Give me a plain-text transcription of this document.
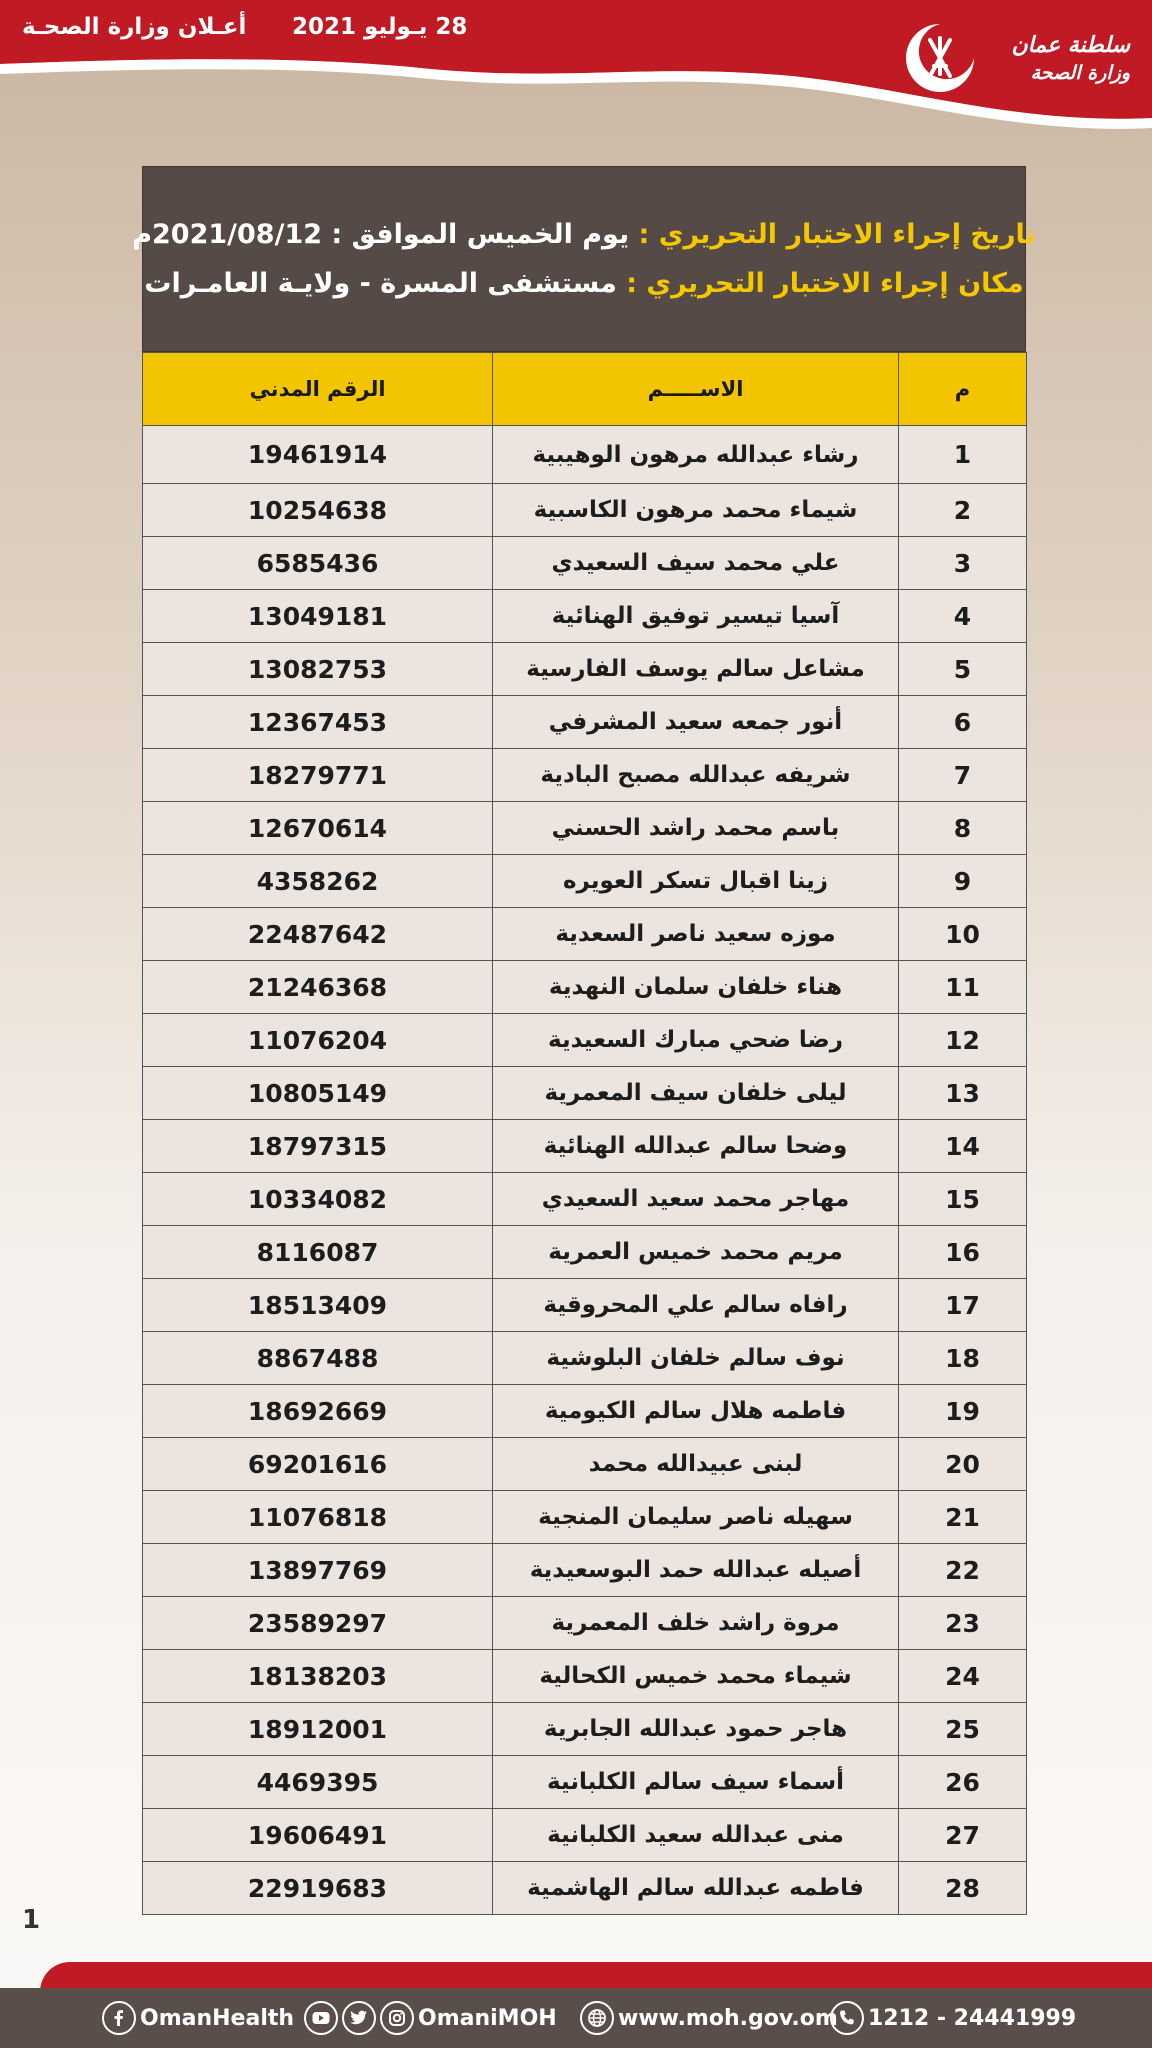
أعـلان وزارة الصحـة 28 يـوليو 2021
سلطنة عمان
وزارة الصحة
تاريخ إجراء الاختبار التحريري : يوم الخميس الموافق : 2021/08/12م
مكان إجراء الاختبار التحريري : مستشفى المسرة - ولايـة العامـرات
م	الاســـــم	الرقم المدني
1	رشاء عبدالله مرهون الوهيبية	19461914
2	شيماء محمد مرهون الكاسبية	10254638
3	علي محمد سيف السعيدي	6585436
4	آسيا تيسير توفيق الهنائية	13049181
5	مشاعل سالم يوسف الفارسية	13082753
6	أنور جمعه سعيد المشرفي	12367453
7	شريفه عبدالله مصبح البادية	18279771
8	باسم محمد راشد الحسني	12670614
9	زينا اقبال تسكر العويره	4358262
10	موزه سعيد ناصر السعدية	22487642
11	هناء خلفان سلمان النهدية	21246368
12	رضا ضحي مبارك السعيدية	11076204
13	ليلى خلفان سيف المعمرية	10805149
14	وضحا سالم عبدالله الهنائية	18797315
15	مهاجر محمد سعيد السعيدي	10334082
16	مريم محمد خميس العمرية	8116087
17	رافاه سالم علي المحروقية	18513409
18	نوف سالم خلفان البلوشية	8867488
19	فاطمه هلال سالم الكيومية	18692669
20	لبنى عبيدالله محمد	69201616
21	سهيله ناصر سليمان المنجية	11076818
22	أصيله عبدالله حمد البوسعيدية	13897769
23	مروة راشد خلف المعمرية	23589297
24	شيماء محمد خميس الكحالية	18138203
25	هاجر حمود عبدالله الجابرية	18912001
26	أسماء سيف سالم الكلبانية	4469395
27	منى عبدالله سعيد الكلبانية	19606491
28	فاطمه عبدالله سالم الهاشمية	22919683
1
OmanHealth	OmaniMOH	www.moh.gov.om 1212 - 24441999
